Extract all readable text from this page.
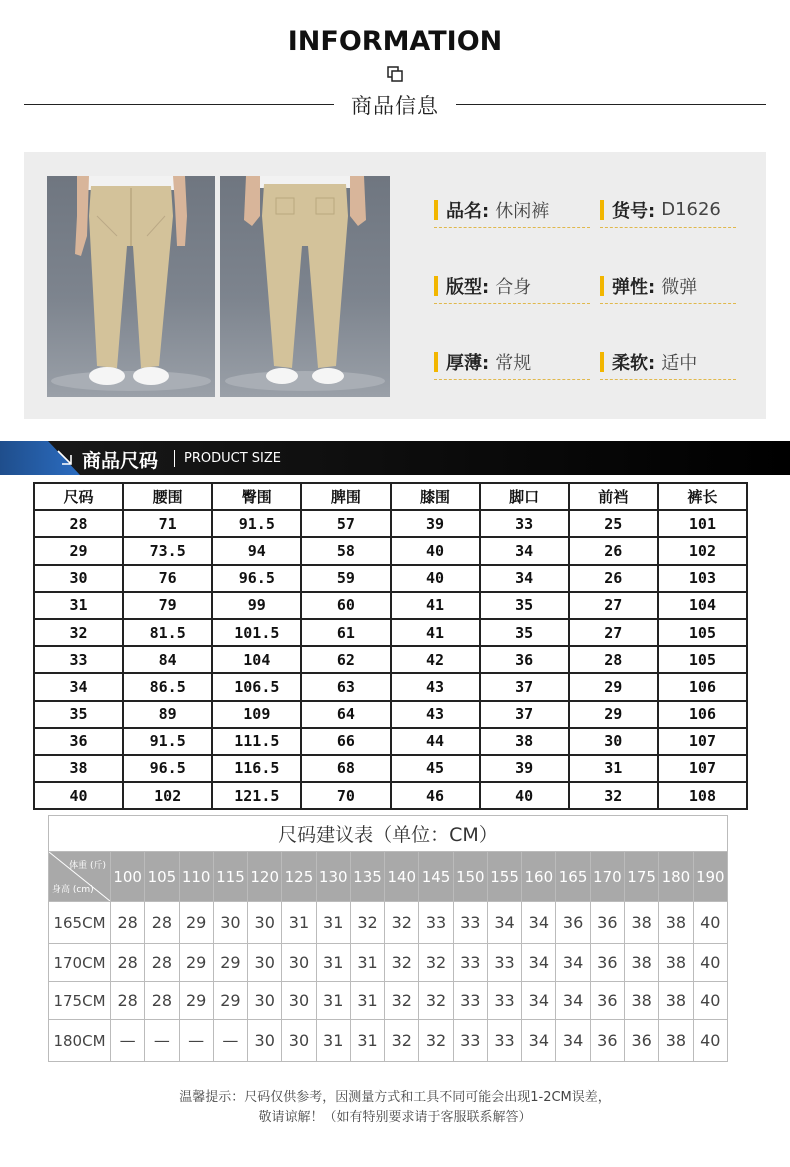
INFORMATION
商品信息
品名: 休闲裤	货号: D1626
版型: 合身	弹性: 微弹
厚薄: 常规	柔软: 适中
商品尺码 PRODUCT SIZE
尺码	腰围	臀围	脾围	膝围	脚口	前裆	裤长
28	71	91.5	57	39	33	25	101
29	73.5	94	58	40	34	26	102
30	76	96.5	59	40	34	26	103
31	79	99	60	41	35	27	104
32	81.5	101.5	61	41	35	27	105
33	84	104	62	42	36	28	105
34	86.5	106.5	63	43	37	29	106
35	89	109	64	43	37	29	106
36	91.5	111.5	66	44	38	30	107
38	96.5	116.5	68	45	39	31	107
40	102	121.5	70	46	40	32	108
尺码建议表（单位：CM）																		

体重 (斤)
身高 (cm)	100	105	110	115	120	125	130	135	140	145	150	155	160	165	170	175	180	190
165CM	28	28	29	30	30	31	31	32	32	33	33	34	34	36	36	38	38	40
170CM	28	28	29	29	30	30	31	31	32	32	33	33	34	34	36	38	38	40
175CM	28	28	29	29	30	30	31	31	32	32	33	33	34	34	36	38	38	40
180CM	—	—	—	—	30	30	31	31	32	32	33	33	34	34	36	36	38	40
温馨提示：尺码仅供参考，因测量方式和工具不同可能会出现1-2CM误差，
敬请谅解！（如有特别要求请于客服联系解答）
